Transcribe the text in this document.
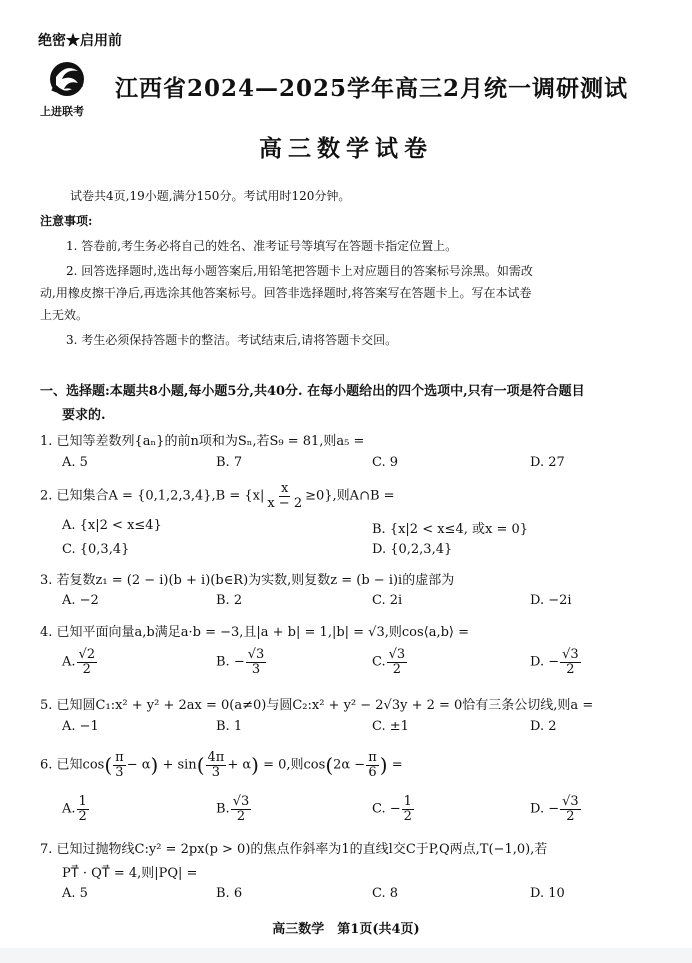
绝密★启用前
上进联考
江西省2024—2025学年高三2月统一调研测试
高三数学试卷
试卷共4页,19小题,满分150分。考试用时120分钟。
注意事项:
1. 答卷前,考生务必将自己的姓名、准考证号等填写在答题卡指定位置上。
2. 回答选择题时,选出每小题答案后,用铅笔把答题卡上对应题目的答案标号涂黑。如需改
动,用橡皮擦干净后,再选涂其他答案标号。回答非选择题时,将答案写在答题卡上。写在本试卷
上无效。
3. 考生必须保持答题卡的整洁。考试结束后,请将答题卡交回。
一、选择题:本题共8小题,每小题5分,共40分. 在每小题给出的四个选项中,只有一项是符合题目
要求的.
1. 已知等差数列{aₙ}的前n项和为Sₙ,若S₉ = 81,则a₅ =
A. 5	B. 7	C. 9	D. 27
2. 已知集合$A = \{0,1,2,3,4\},B = \{x| \frac{x}{x - 2} \ge 0\}$,则A∩B =
A. {x|2 < x≤4}	B. {x|2 < x≤4, 或x = 0}
C. {0,3,4}	D. {0,2,3,4}
3. 若复数z₁ = (2 − i)(b + i)(b∈R)为实数,则复数z = (b − i)i的虚部为
A. −2	B. 2	C. 2i	D. −2i
4. 已知平面向量a,b满足a·b = −3,且|a + b| = 1,|b| = √3,则cos⟨a,b⟩ =
A. $\frac{√2}{2}$	B. − $\frac{√3}{3}$	C. $\frac{√3}{2}$	D. − $\frac{√3}{2}$
5. 已知圆C₁:x² + y² + 2ax = 0(a≠0)与圆C₂:x² + y² − 2√3y + 2 = 0恰有三条公切线,则a =
A. −1	B. 1	C. ±1	D. 2
6. 已知$\cos( \frac{\pi}{3} - \alpha) + \sin( \frac{4\pi}{3} + \alpha) = 0$,则$\cos(2\alpha - \frac{\pi}{6}$ ) =
A. $\frac{1}{2}$	B. $\frac{√3}{2}$	C. − $\frac{1}{2}$	D. − $\frac{√3}{2}$
7. 已知过抛物线C:y² = 2px(p > 0)的焦点作斜率为1的直线l交C于P,Q两点,T(−1,0),若
PT⃗ · QT⃗ = 4,则|PQ| =
A. 5	B. 6	C. 8	D. 10
高三数学　第1页(共4页)
